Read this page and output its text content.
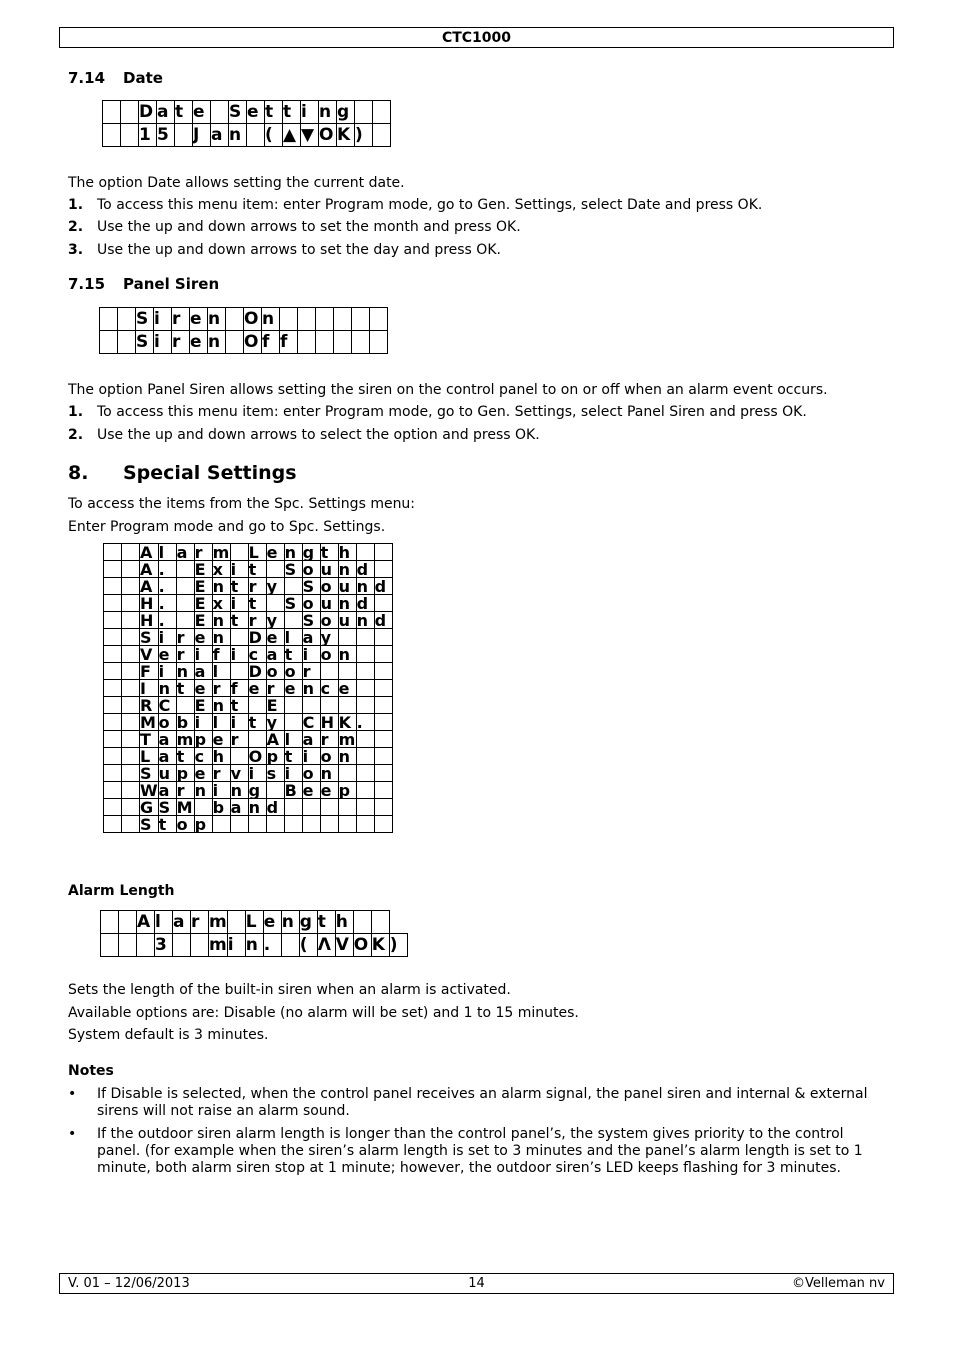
CTC1000
7.14 Date
		D	a	t	e		S	e	t	t	i	n	g		
		1	5		J	a	n		(	▲	▼	O	K	)	
The option Date allows setting the current date.
1. To access this menu item: enter Program mode, go to Gen. Settings, select Date and press OK.
2. Use the up and down arrows to set the month and press OK.
3. Use the up and down arrows to set the day and press OK.
7.15 Panel Siren
		S	i	r	e	n		O	n						
		S	i	r	e	n		O	f	f					
The option Panel Siren allows setting the siren on the control panel to on or off when an alarm event occurs.
1. To access this menu item: enter Program mode, go to Gen. Settings, select Panel Siren and press OK.
2. Use the up and down arrows to select the option and press OK.
8. Special Settings
To access the items from the Spc. Settings menu:
Enter Program mode and go to Spc. Settings.
		A	l	a	r	m		L	e	n	g	t	h		
		A	.		E	x	i	t		S	o	u	n	d	
		A	.		E	n	t	r	y		S	o	u	n	d
		H	.		E	x	i	t		S	o	u	n	d	
		H	.		E	n	t	r	y		S	o	u	n	d
		S	i	r	e	n		D	e	l	a	y			
		V	e	r	i	f	i	c	a	t	i	o	n		
		F	i	n	a	l		D	o	o	r				
		I	n	t	e	r	f	e	r	e	n	c	e		
		R	C		E	n	t		E						
		M	o	b	i	l	i	t	y		C	H	K	.	
		T	a	m	p	e	r		A	l	a	r	m		
		L	a	t	c	h		O	p	t	i	o	n		
		S	u	p	e	r	v	i	s	i	o	n			
		W	a	r	n	i	n	g		B	e	e	p		
		G	S	M		b	a	n	d						
		S	t	o	p										
Alarm Length
		A	l	a	r	m		L	e	n	g	t	h			
			3			m	i	n	.		(	Λ	V	O	K	)
Sets the length of the built-in siren when an alarm is activated.
Available options are: Disable (no alarm will be set) and 1 to 15 minutes.
System default is 3 minutes.
Notes
• If Disable is selected, when the control panel receives an alarm signal, the panel siren and internal & external sirens will not raise an alarm sound.
• If the outdoor siren alarm length is longer than the control panel’s, the system gives priority to the control panel. (for example when the siren’s alarm length is set to 3 minutes and the panel’s alarm length is set to 1 minute, both alarm siren stop at 1 minute; however, the outdoor siren’s LED keeps flashing for 3 minutes.
V. 01 – 12/06/2013	14	©Velleman nv
